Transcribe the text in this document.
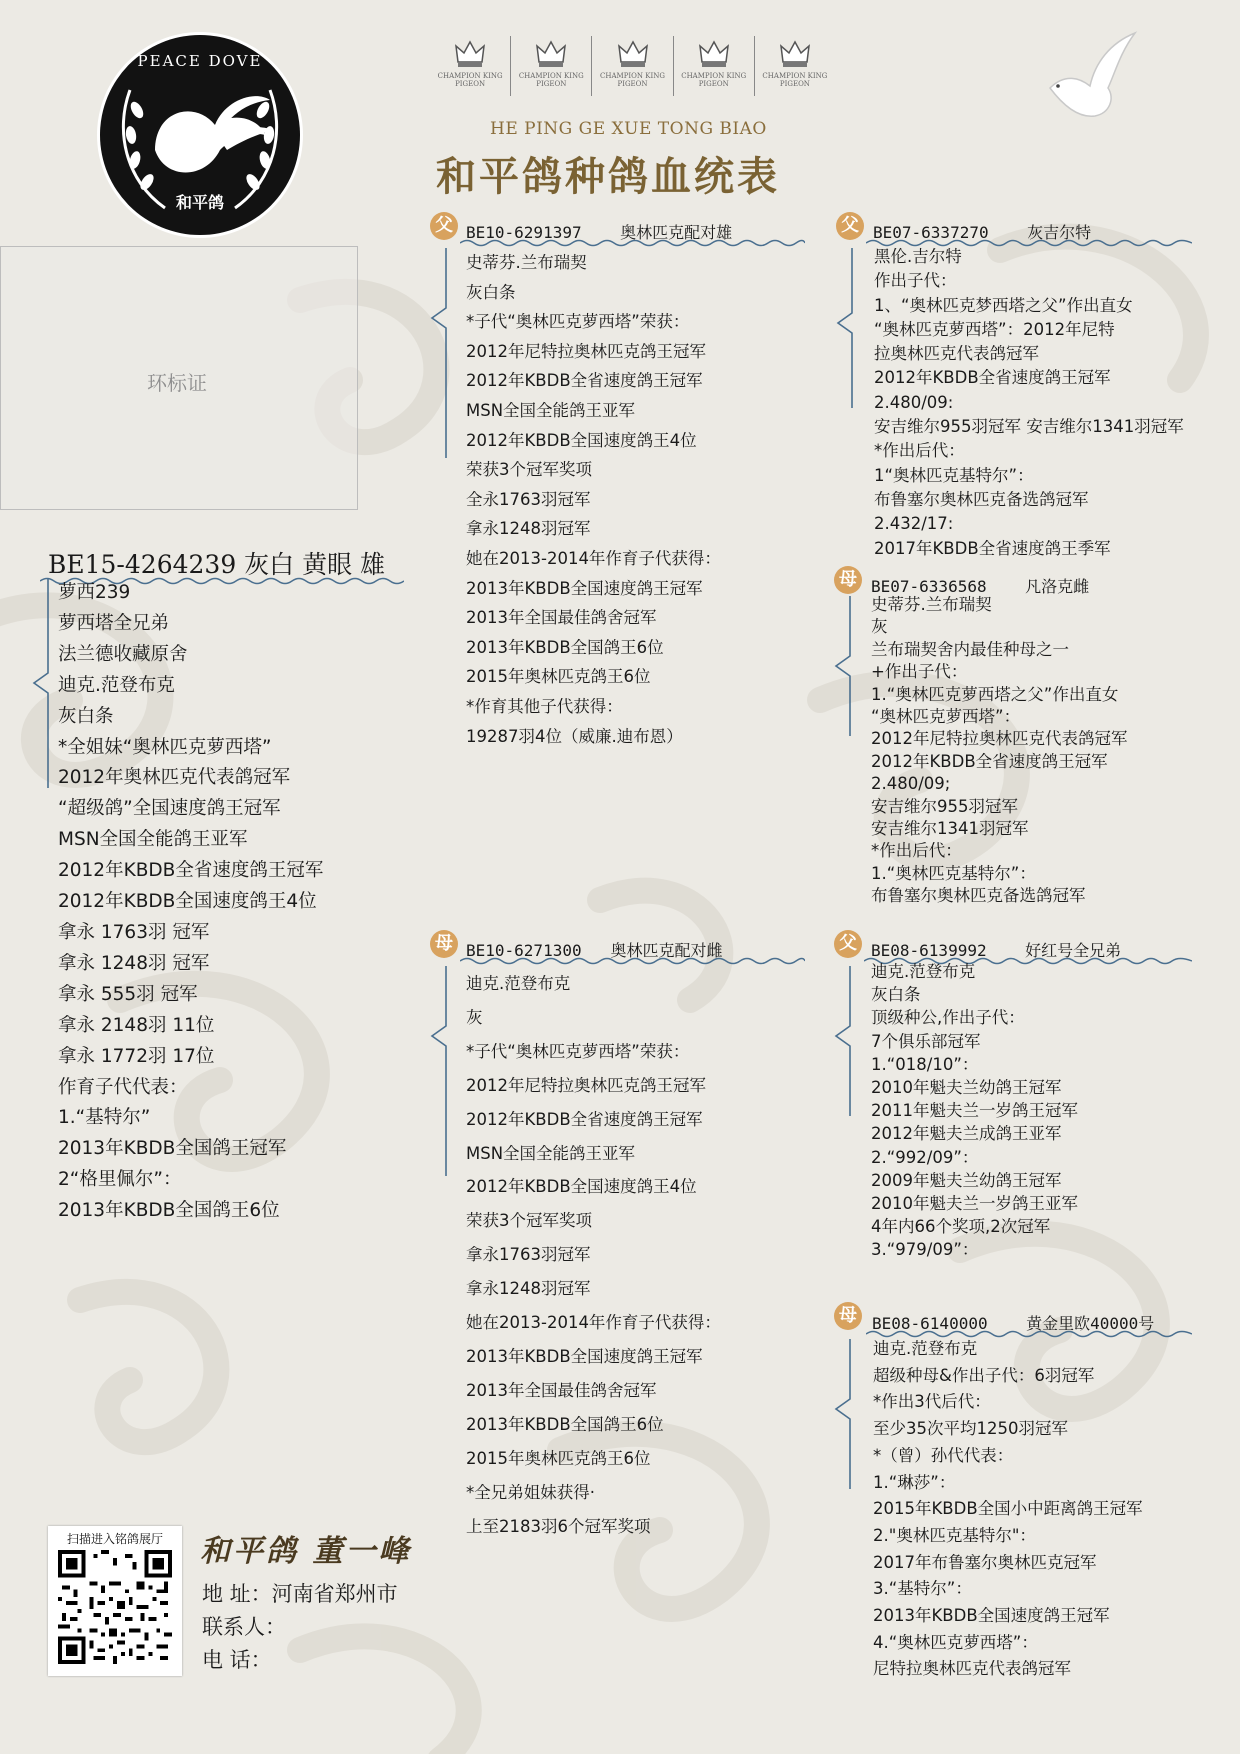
PEACE DOVE
和平鸽
CHAMPION KING PIGEON
CHAMPION KING PIGEON
CHAMPION KING PIGEON
CHAMPION KING PIGEON
CHAMPION KING PIGEON
HE PING GE XUE TONG BIAO
和平鸽种鸽血统表
环标证
BE15-4264239 灰白 黄眼 雄
萝西239
萝西塔全兄弟
法兰德收藏原舍
迪克.范登布克
灰白条
*全姐妹“奥林匹克萝西塔”
2012年奥林匹克代表鸽冠军
“超级鸽”全国速度鸽王冠军
MSN全国全能鸽王亚军
2012年KBDB全省速度鸽王冠军
2012年KBDB全国速度鸽王4位
拿永 1763羽 冠军
拿永 1248羽 冠军
拿永 555羽 冠军
拿永 2148羽 11位
拿永 1772羽 17位
作育子代代表：
1.“基特尔”
2013年KBDB全国鸽王冠军
2“格里佩尔”：
2013年KBDB全国鸽王6位
父 BE10-6291397    奥林匹克配对雄
史蒂芬.兰布瑞契
灰白条
*子代“奥林匹克萝西塔”荣获：
2012年尼特拉奥林匹克鸽王冠军
2012年KBDB全省速度鸽王冠军
MSN全国全能鸽王亚军
2012年KBDB全国速度鸽王4位
荣获3个冠军奖项
全永1763羽冠军
拿永1248羽冠军
她在2013-2014年作育子代获得：
2013年KBDB全国速度鸽王冠军
2013年全国最佳鸽舍冠军
2013年KBDB全国鸽王6位
2015年奥林匹克鸽王6位
*作育其他子代获得：
19287羽4位（威廉.迪布恩）
母 BE10-6271300   奥林匹克配对雌
迪克.范登布克
灰
*子代“奥林匹克萝西塔”荣获：
2012年尼特拉奥林匹克鸽王冠军
2012年KBDB全省速度鸽王冠军
MSN全国全能鸽王亚军
2012年KBDB全国速度鸽王4位
荣获3个冠军奖项
拿永1763羽冠军
拿永1248羽冠军
她在2013-2014年作育子代获得：
2013年KBDB全国速度鸽王冠军
2013年全国最佳鸽舍冠军
2013年KBDB全国鸽王6位
2015年奥林匹克鸽王6位
*全兄弟姐妹获得·
上至2183羽6个冠军奖项
父 BE07-6337270    灰吉尔特
黑伦.吉尔特
作出子代：
1、“奥林匹克梦西塔之父”作出直女
“奥林匹克萝西塔”：2012年尼特
拉奥林匹克代表鸽冠军
2012年KBDB全省速度鸽王冠军
2.480/09:
安吉维尔955羽冠军 安吉维尔1341羽冠军
*作出后代：
1“奥林匹克基特尔”：
布鲁塞尔奥林匹克备选鸽冠军
2.432/17:
2017年KBDB全省速度鸽王季军
母 BE07-6336568    凡洛克雌
史蒂芬.兰布瑞契
灰
兰布瑞契舍内最佳种母之一
+作出子代：
1.“奥林匹克萝西塔之父”作出直女
“奥林匹克萝西塔”：
2012年尼特拉奥林匹克代表鸽冠军
2012年KBDB全省速度鸽王冠军
2.480/09;
安吉维尔955羽冠军
安吉维尔1341羽冠军
*作出后代：
1.“奥林匹克基特尔”：
布鲁塞尔奥林匹克备选鸽冠军
父 BE08-6139992    好红号全兄弟
迪克.范登布克
灰白条
顶级种公,作出子代：
7个俱乐部冠军
1.“018/10”：
2010年魁夫兰幼鸽王冠军
2011年魁夫兰一岁鸽王冠军
2012年魁夫兰成鸽王亚军
2.“992/09”：
2009年魁夫兰幼鸽王冠军
2010年魁夫兰一岁鸽王亚军
4年内66个奖项,2次冠军
3.“979/09”：
母 BE08-6140000    黄金里欧40000号
迪克.范登布克
超级种母&作出子代：6羽冠军
*作出3代后代：
至少35次平均1250羽冠军
*（曾）孙代代表：
1.“琳莎”：
2015年KBDB全国小中距离鸽王冠军
2."奥林匹克基特尔"：
2017年布鲁塞尔奥林匹克冠军
3.“基特尔”：
2013年KBDB全国速度鸽王冠军
4.“奥林匹克萝西塔”：
尼特拉奥林匹克代表鸽冠军
扫描进入铭鸽展厅	和平鸽 董一峰
地 址：河南省郑州市
联系人：
电 话：
